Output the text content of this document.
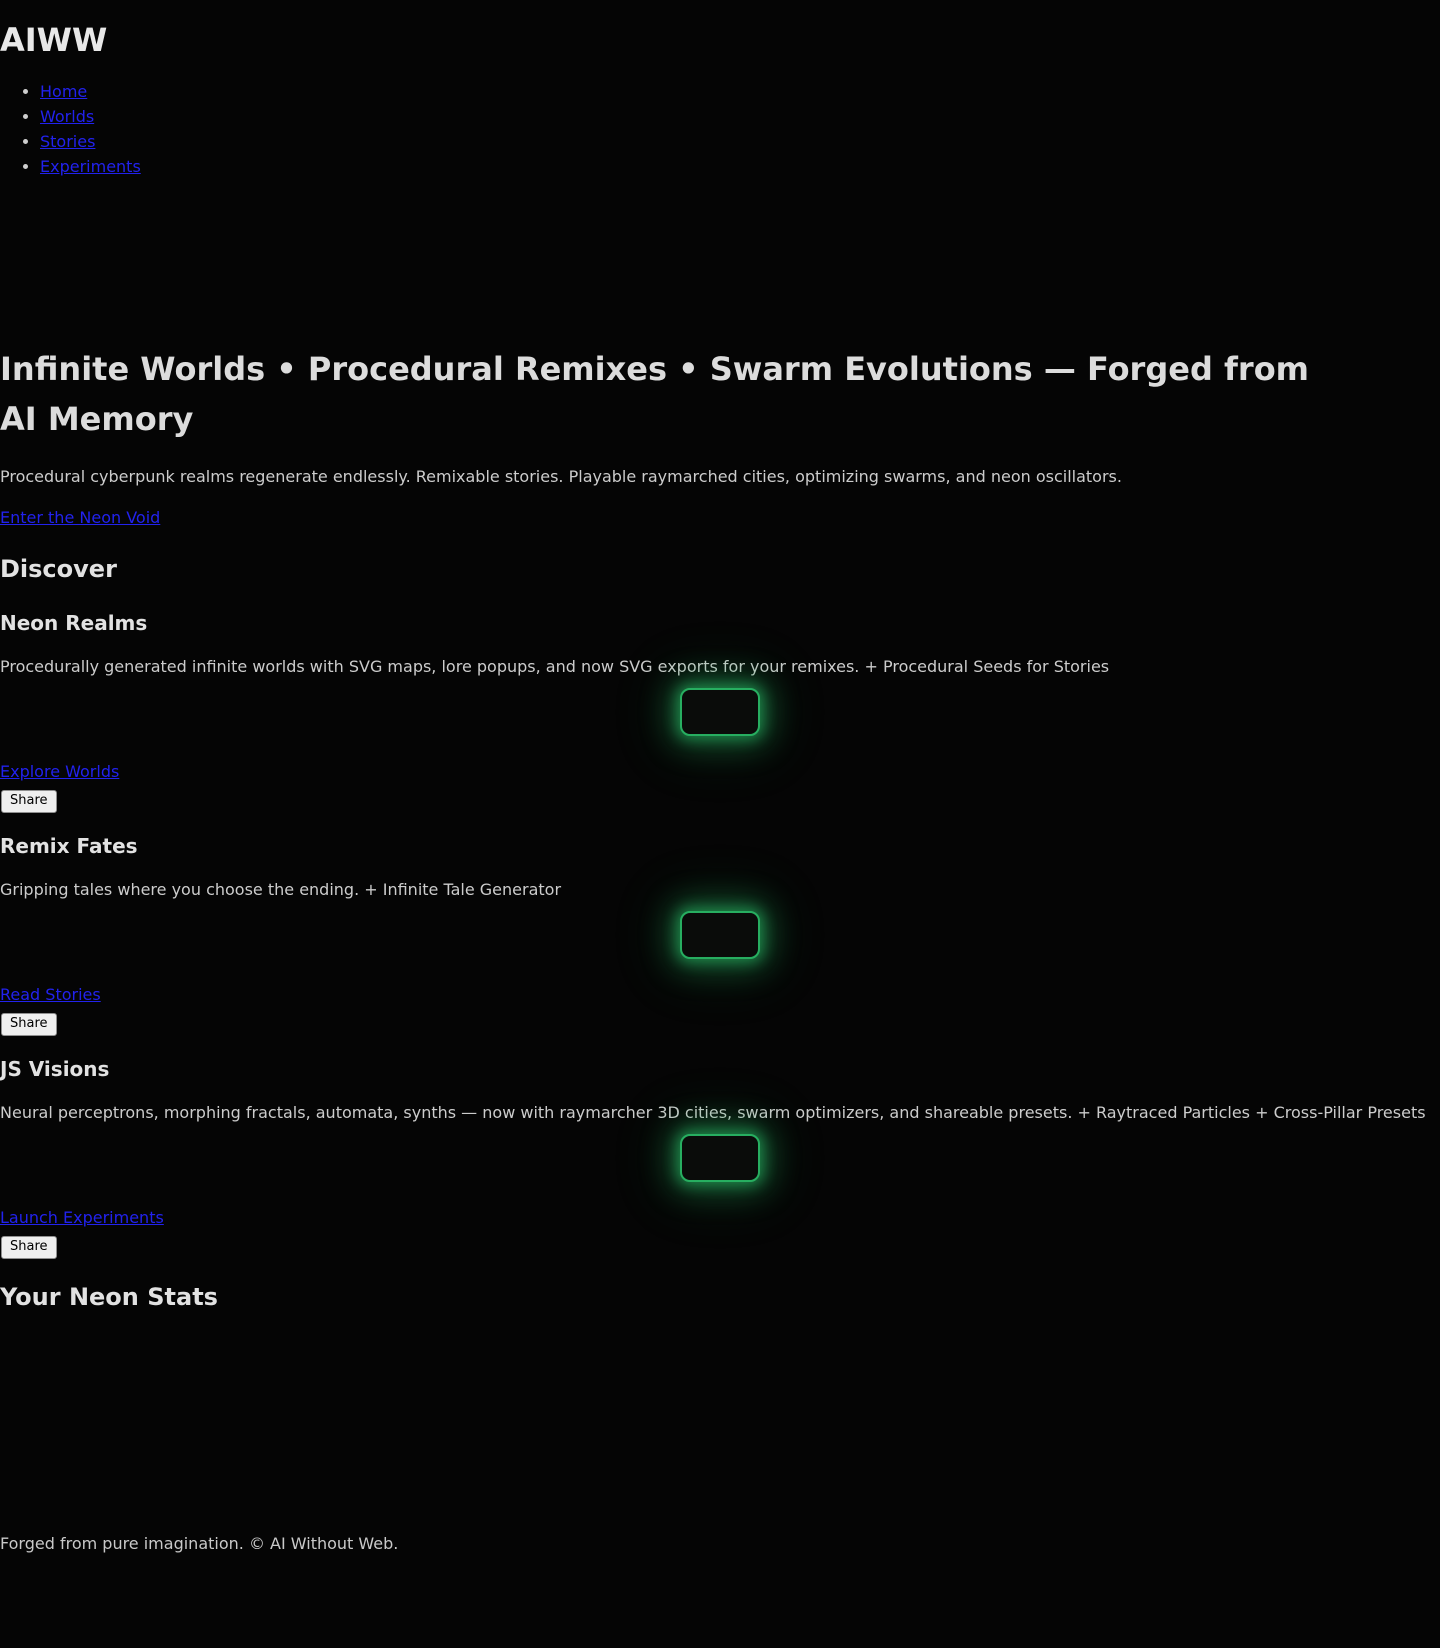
AIWW
• Home
• Worlds
• Stories
• Experiments
Infinite Worlds • Procedural Remixes • Swarm Evolutions — Forged from AI Memory

Procedural cyberpunk realms regenerate endlessly. Remixable stories. Playable raymarched cities, optimizing swarms, and neon oscillators.

Enter the Neon Void

Discover
Neon Realms

Procedurally generated infinite worlds with SVG maps, lore popups, and now SVG exports for your remixes. + Procedural Seeds for Stories

Explore Worlds

Share
Remix Fates

Gripping tales where you choose the ending. + Infinite Tale Generator

Read Stories

Share
JS Visions

Neural perceptrons, morphing fractals, automata, synths — now with raymarcher 3D cities, swarm optimizers, and shareable presets. + Raytraced Particles + Cross-Pillar Presets

Launch Experiments

Share
Your Neon Stats

Forged from pure imagination. © AI Without Web.
